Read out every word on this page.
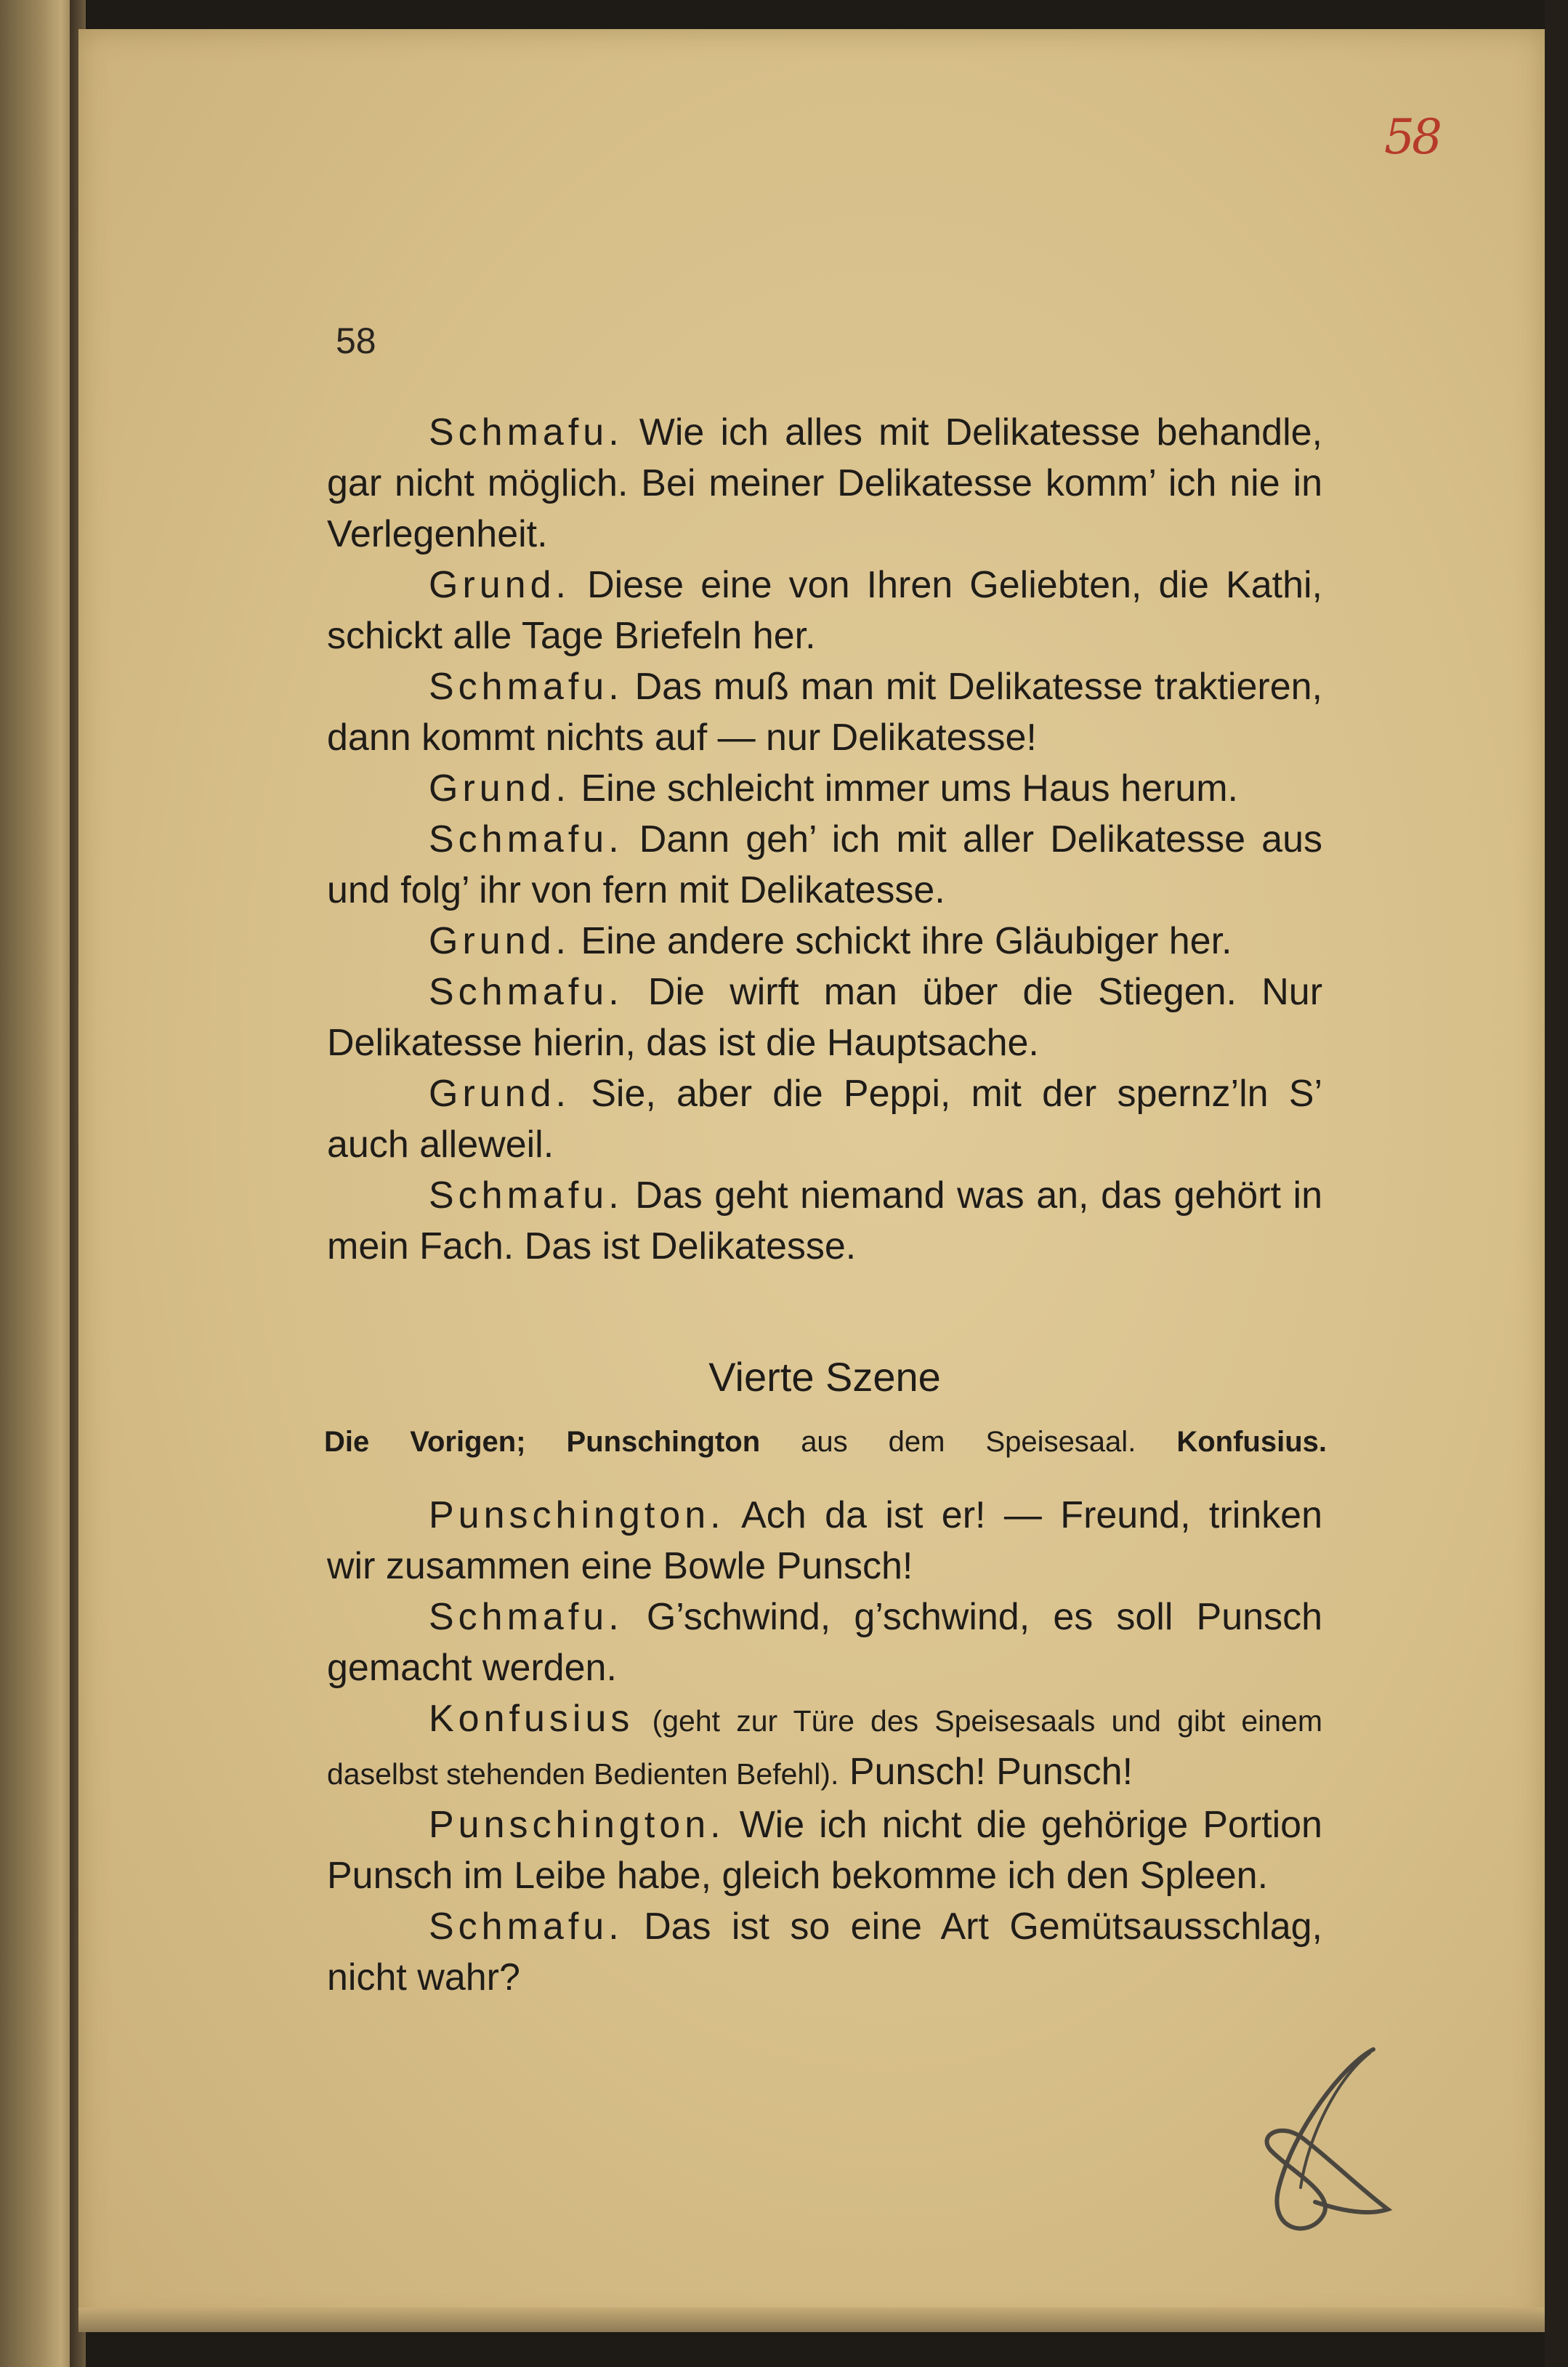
58
58

Schmafu. Wie ich alles mit Delikatesse behandle, gar nicht möglich. Bei meiner Delikatesse komm’ ich nie in Verlegenheit.

Grund. Diese eine von Ihren Geliebten, die Kathi, schickt alle Tage Briefeln her.

Schmafu. Das muß man mit Delikatesse traktieren, dann kommt nichts auf — nur Delikatesse!

Grund. Eine schleicht immer ums Haus herum.

Schmafu. Dann geh’ ich mit aller Delikatesse aus und folg’ ihr von fern mit Delikatesse.

Grund. Eine andere schickt ihre Gläubiger her.

Schmafu. Die wirft man über die Stiegen. Nur Delikatesse hierin, das ist die Hauptsache.

Grund. Sie, aber die Peppi, mit der spernz’ln S’ auch alleweil.

Schmafu. Das geht niemand was an, das gehört in mein Fach. Das ist Delikatesse.

Vierte Szene
Die Vorigen; Punschington aus dem Speisesaal. Konfusius.

Punschington. Ach da ist er! — Freund, trinken wir zusammen eine Bowle Punsch!

Schmafu. G’schwind, g’schwind, es soll Punsch gemacht werden.

Konfusius (geht zur Türe des Speisesaals und gibt einem daselbst stehenden Bedienten Befehl). Punsch! Punsch!

Punschington. Wie ich nicht die gehörige Portion Punsch im Leibe habe, gleich bekomme ich den Spleen.

Schmafu. Das ist so eine Art Gemütsausschlag, nicht wahr?
